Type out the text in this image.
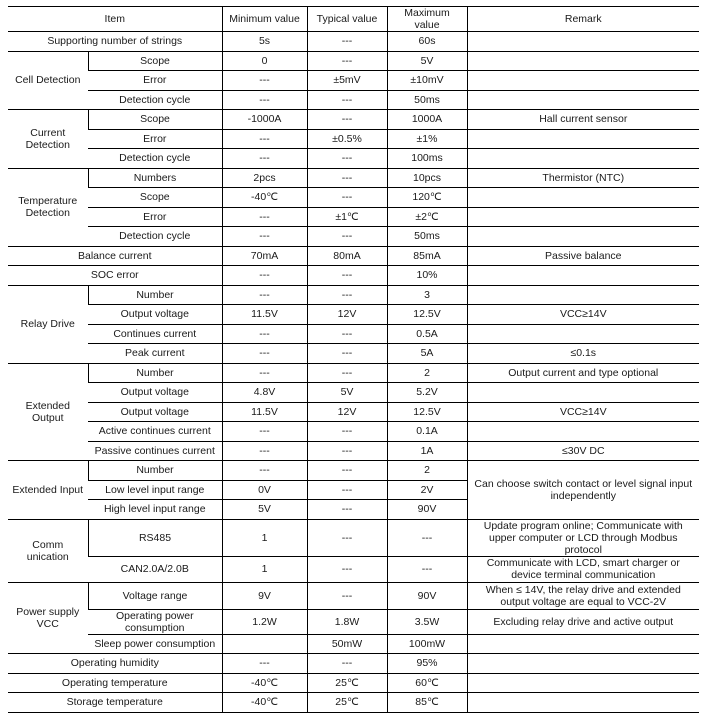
Item		Minimum value	Typical value	Maximum value	Remark
Supporting number of strings		5s	---	60s	
Cell Detection	Scope	0	---	5V	
	Error	---	±5mV	±10mV	
	Detection cycle	---	---	50ms	
Current Detection	Scope	-1000A	---	1000A	Hall current sensor
	Error	---	±0.5%	±1%	
	Detection cycle	---	---	100ms	
Temperature Detection	Numbers	2pcs	---	10pcs	Thermistor (NTC)
	Scope	-40℃	---	120℃	
	Error	---	±1℃	±2℃	
	Detection cycle	---	---	50ms	
Balance current		70mA	80mA	85mA	Passive balance
SOC error		---	---	10%	
Relay Drive	Number	---	---	3	
	Output voltage	11.5V	12V	12.5V	VCC≥14V
	Continues current	---	---	0.5A	
	Peak current	---	---	5A	≤0.1s
Extended Output	Number	---	---	2	Output current and type optional
	Output voltage	4.8V	5V	5.2V	
	Output voltage	11.5V	12V	12.5V	VCC≥14V
	Active continues current	---	---	0.1A	
	Passive continues current	---	---	1A	≤30V DC
Extended Input	Number	---	---	2	Can choose switch contact or level signal input independently
	Low level input range	0V	---	2V	
	High level input range	5V	---	90V	
Comm unication	RS485	1	---	---	Update program online; Communicate with upper computer or LCD through Modbus protocol
	CAN2.0A/2.0B	1	---	---	Communicate with LCD, smart charger or device terminal communication
Power supply VCC	Voltage range	9V	---	90V	When ≤ 14V, the relay drive and extended output voltage are equal to VCC-2V
	Operating power consumption	1.2W	1.8W	3.5W	Excluding relay drive and active output
	Sleep power consumption		50mW	100mW	
Operating humidity		---	---	95%	
Operating temperature		-40℃	25℃	60℃	
Storage temperature		-40℃	25℃	85℃	
